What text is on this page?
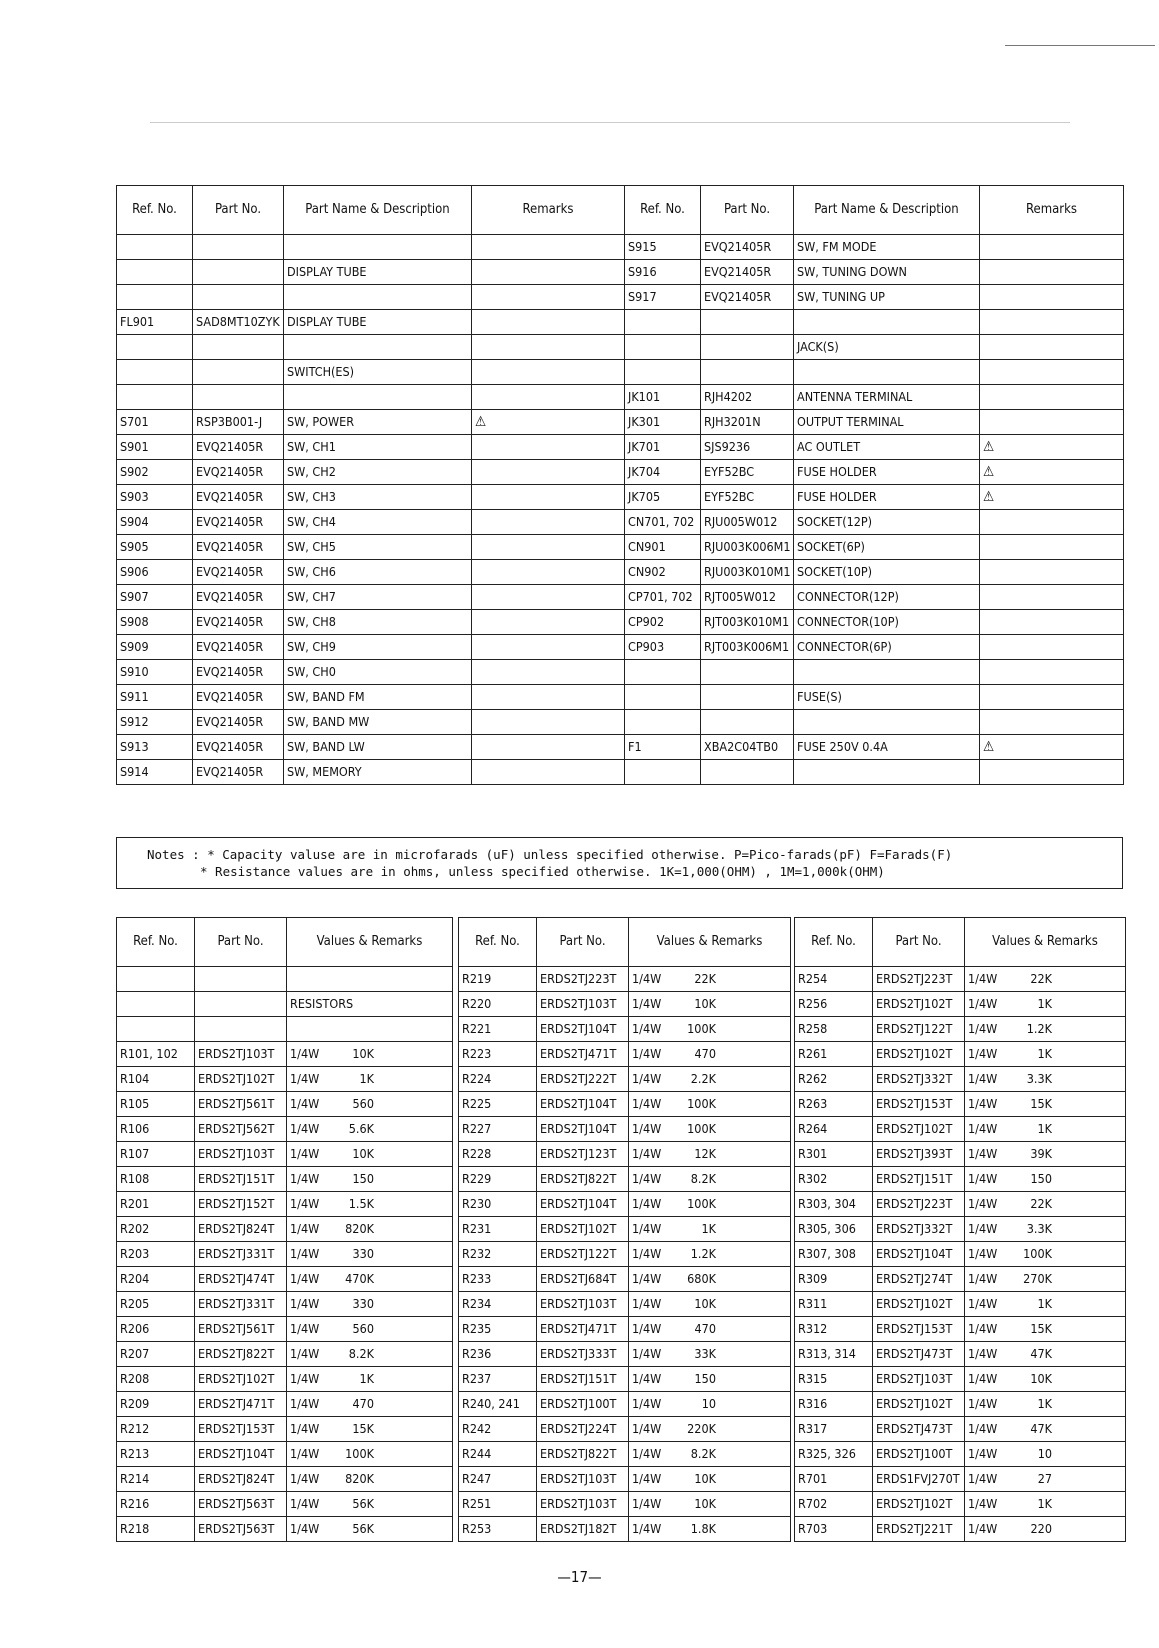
Ref. No.	Part No.	Part Name & Description	Remarks

		DISPLAY TUBE	

FL901	SAD8MT10ZYK	DISPLAY TUBE	

		SWITCH(ES)	

S701	RSP3B001-J	SW, POWER	⚠
S901	EVQ21405R	SW, CH1	
S902	EVQ21405R	SW, CH2	
S903	EVQ21405R	SW, CH3	
S904	EVQ21405R	SW, CH4	
S905	EVQ21405R	SW, CH5	
S906	EVQ21405R	SW, CH6	
S907	EVQ21405R	SW, CH7	
S908	EVQ21405R	SW, CH8	
S909	EVQ21405R	SW, CH9	
S910	EVQ21405R	SW, CH0	
S911	EVQ21405R	SW, BAND FM	
S912	EVQ21405R	SW, BAND MW	
S913	EVQ21405R	SW, BAND LW	
S914	EVQ21405R	SW, MEMORY	
Ref. No.	Part No.	Part Name & Description	Remarks
S915	EVQ21405R	SW, FM MODE	
S916	EVQ21405R	SW, TUNING DOWN	
S917	EVQ21405R	SW, TUNING UP	

		JACK(S)	

JK101	RJH4202	ANTENNA TERMINAL	
JK301	RJH3201N	OUTPUT TERMINAL	
JK701	SJS9236	AC OUTLET	⚠
JK704	EYF52BC	FUSE HOLDER	⚠
JK705	EYF52BC	FUSE HOLDER	⚠
CN701, 702	RJU005W012	SOCKET(12P)	
CN901	RJU003K006M1	SOCKET(6P)	
CN902	RJU003K010M1	SOCKET(10P)	
CP701, 702	RJT005W012	CONNECTOR(12P)	
CP902	RJT003K010M1	CONNECTOR(10P)	
CP903	RJT003K006M1	CONNECTOR(6P)	

		FUSE(S)	

F1	XBA2C04TB0	FUSE 250V 0.4A	⚠

Notes : * Capacity valuse are in microfarads (uF) unless specified otherwise. P=Pico-farads(pF) F=Farads(F)
* Resistance values are in ohms, unless specified otherwise. 1K=1,000(OHM) , 1M=1,000k(OHM)
Ref. No.	Part No.	Values & Remarks

		RESISTORS

R101, 102	ERDS2TJ103T	1/4W 10K
R104	ERDS2TJ102T	1/4W 1K
R105	ERDS2TJ561T	1/4W 560
R106	ERDS2TJ562T	1/4W 5.6K
R107	ERDS2TJ103T	1/4W 10K
R108	ERDS2TJ151T	1/4W 150
R201	ERDS2TJ152T	1/4W 1.5K
R202	ERDS2TJ824T	1/4W 820K
R203	ERDS2TJ331T	1/4W 330
R204	ERDS2TJ474T	1/4W 470K
R205	ERDS2TJ331T	1/4W 330
R206	ERDS2TJ561T	1/4W 560
R207	ERDS2TJ822T	1/4W 8.2K
R208	ERDS2TJ102T	1/4W 1K
R209	ERDS2TJ471T	1/4W 470
R212	ERDS2TJ153T	1/4W 15K
R213	ERDS2TJ104T	1/4W 100K
R214	ERDS2TJ824T	1/4W 820K
R216	ERDS2TJ563T	1/4W 56K
R218	ERDS2TJ563T	1/4W 56K
Ref. No.	Part No.	Values & Remarks
R219	ERDS2TJ223T	1/4W 22K
R220	ERDS2TJ103T	1/4W 10K
R221	ERDS2TJ104T	1/4W 100K
R223	ERDS2TJ471T	1/4W 470
R224	ERDS2TJ222T	1/4W 2.2K
R225	ERDS2TJ104T	1/4W 100K
R227	ERDS2TJ104T	1/4W 100K
R228	ERDS2TJ123T	1/4W 12K
R229	ERDS2TJ822T	1/4W 8.2K
R230	ERDS2TJ104T	1/4W 100K
R231	ERDS2TJ102T	1/4W 1K
R232	ERDS2TJ122T	1/4W 1.2K
R233	ERDS2TJ684T	1/4W 680K
R234	ERDS2TJ103T	1/4W 10K
R235	ERDS2TJ471T	1/4W 470
R236	ERDS2TJ333T	1/4W 33K
R237	ERDS2TJ151T	1/4W 150
R240, 241	ERDS2TJ100T	1/4W 10
R242	ERDS2TJ224T	1/4W 220K
R244	ERDS2TJ822T	1/4W 8.2K
R247	ERDS2TJ103T	1/4W 10K
R251	ERDS2TJ103T	1/4W 10K
R253	ERDS2TJ182T	1/4W 1.8K
Ref. No.	Part No.	Values & Remarks
R254	ERDS2TJ223T	1/4W 22K
R256	ERDS2TJ102T	1/4W 1K
R258	ERDS2TJ122T	1/4W 1.2K
R261	ERDS2TJ102T	1/4W 1K
R262	ERDS2TJ332T	1/4W 3.3K
R263	ERDS2TJ153T	1/4W 15K
R264	ERDS2TJ102T	1/4W 1K
R301	ERDS2TJ393T	1/4W 39K
R302	ERDS2TJ151T	1/4W 150
R303, 304	ERDS2TJ223T	1/4W 22K
R305, 306	ERDS2TJ332T	1/4W 3.3K
R307, 308	ERDS2TJ104T	1/4W 100K
R309	ERDS2TJ274T	1/4W 270K
R311	ERDS2TJ102T	1/4W 1K
R312	ERDS2TJ153T	1/4W 15K
R313, 314	ERDS2TJ473T	1/4W 47K
R315	ERDS2TJ103T	1/4W 10K
R316	ERDS2TJ102T	1/4W 1K
R317	ERDS2TJ473T	1/4W 47K
R325, 326	ERDS2TJ100T	1/4W 10
R701	ERDS1FVJ270T	1/4W 27
R702	ERDS2TJ102T	1/4W 1K
R703	ERDS2TJ221T	1/4W 220
—17—
